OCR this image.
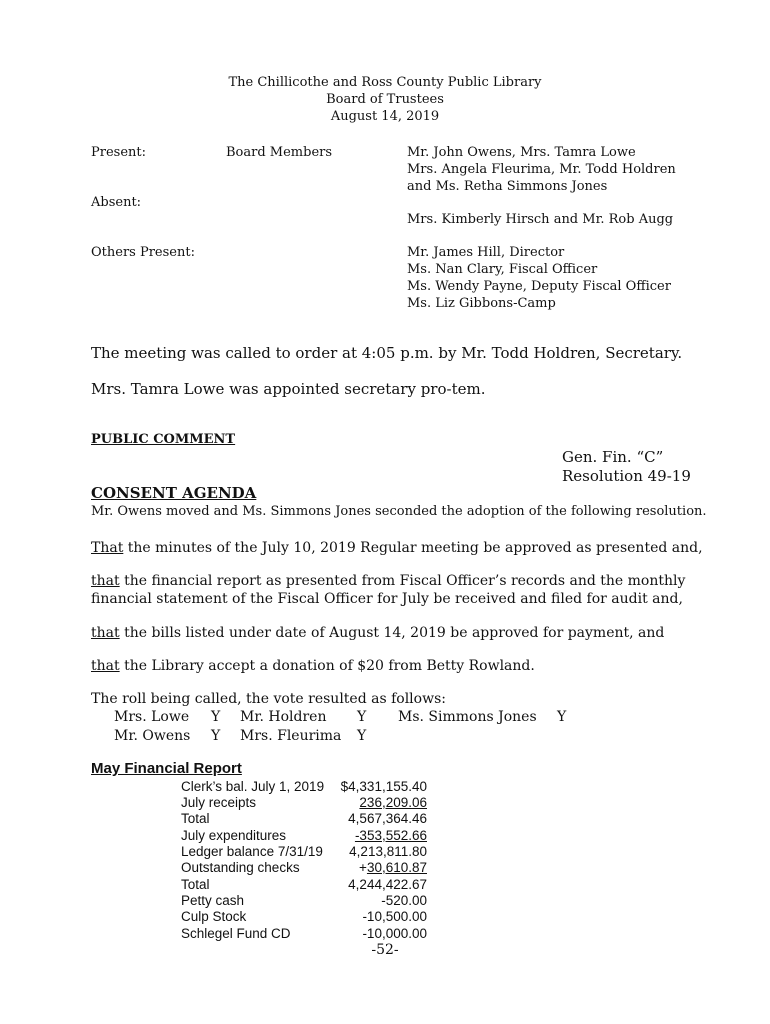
The Chillicothe and Ross County Public Library
Board of Trustees
August 14, 2019
Present:	Board Members	Mr. John Owens, Mrs. Tamra Lowe
Mrs. Angela Fleurima, Mr. Todd Holdren
and Ms. Retha Simmons Jones
Absent:
Mrs. Kimberly Hirsch and Mr. Rob Augg
Others Present:	Mr. James Hill, Director
Ms. Nan Clary, Fiscal Officer
Ms. Wendy Payne, Deputy Fiscal Officer
Ms. Liz Gibbons-Camp
The meeting was called to order at 4:05 p.m. by Mr. Todd Holdren, Secretary.
Mrs. Tamra Lowe was appointed secretary pro-tem.
PUBLIC COMMENT
Gen. Fin. “C”
Resolution 49-19
CONSENT AGENDA
Mr. Owens moved and Ms. Simmons Jones seconded the adoption of the following resolution.
That the minutes of the July 10, 2019 Regular meeting be approved as presented and,
that the financial report as presented from Fiscal Officer’s records and the monthly
financial statement of the Fiscal Officer for July be received and filed for audit and,
that the bills listed under date of August 14, 2019 be approved for payment, and
that the Library accept a donation of $20 from Betty Rowland.
The roll being called, the vote resulted as follows:
Mrs. Lowe Y Mr. Holdren Y Ms. Simmons Jones Y
Mr. Owens Y Mrs. Fleurima Y
May Financial Report
Clerk’s bal. July 1, 2019 $4,331,155.40
July receipts	236,209.06
Total	4,567,364.46
July expenditures	-353,552.66
Ledger balance 7/31/19 4,213,811.80
Outstanding checks	+30,610.87
Total	4,244,422.67
Petty cash	-520.00
Culp Stock	-10,500.00
Schlegel Fund CD	-10,000.00
-52-
